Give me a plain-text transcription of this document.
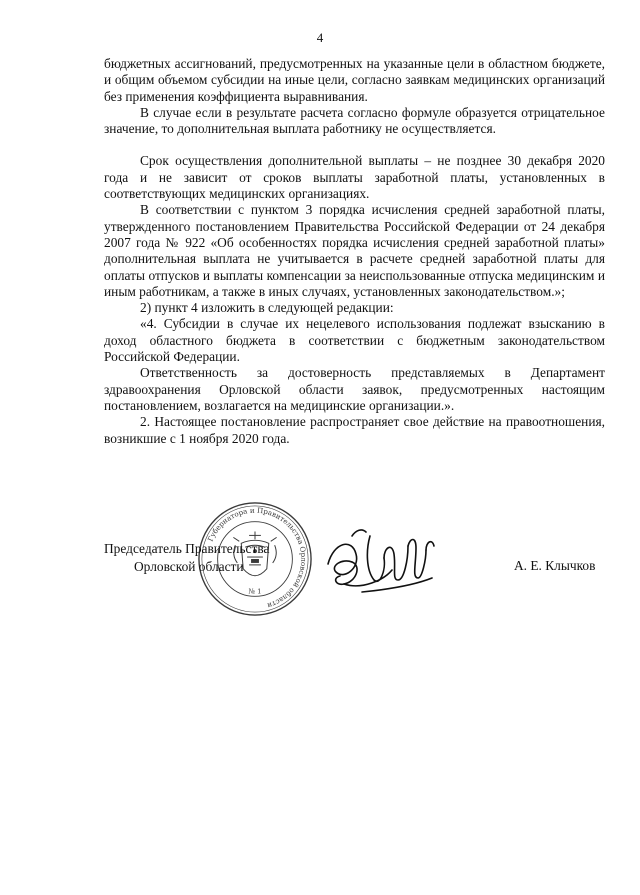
4

бюджетных ассигнований, предусмотренных на указанные цели в областном бюджете, и общим объемом субсидии на иные цели, согласно заявкам медицинских организаций без применения коэффициента выравнивания.

В случае если в результате расчета согласно формуле образуется отрицательное значение, то дополнительная выплата работнику не осуществляется.

Срок осуществления дополнительной выплаты – не позднее 30 декабря 2020 года и не зависит от сроков выплаты заработной платы, установленных в соответствующих медицинских организациях.

В соответствии с пунктом 3 порядка исчисления средней заработной платы, утвержденного постановлением Правительства Российской Федерации от 24 декабря 2007 года № 922 «Об особенностях порядка исчисления средней заработной платы» дополнительная выплата не учитывается в расчете средней заработной платы для оплаты отпусков и выплаты компенсации за неиспользованные отпуска медицинским и иным работникам, а также в иных случаях, установленных законодательством.»;

2) пункт 4 изложить в следующей редакции:

«4. Субсидии в случае их нецелевого использования подлежат взысканию в доход областного бюджета в соответствии с бюджетным законодательством Российской Федерации.

Ответственность за достоверность представляемых в Департамент здравоохранения Орловской области заявок, предусмотренных настоящим постановлением, возлагается на медицинские организации.».

2. Настоящее постановление распространяет свое действие на правоотношения, возникшие с 1 ноября 2020 года.

Губернатора и Правительства Орловской области
№ 1
Председатель Правительства
Орловской области	А. Е. Клычков
